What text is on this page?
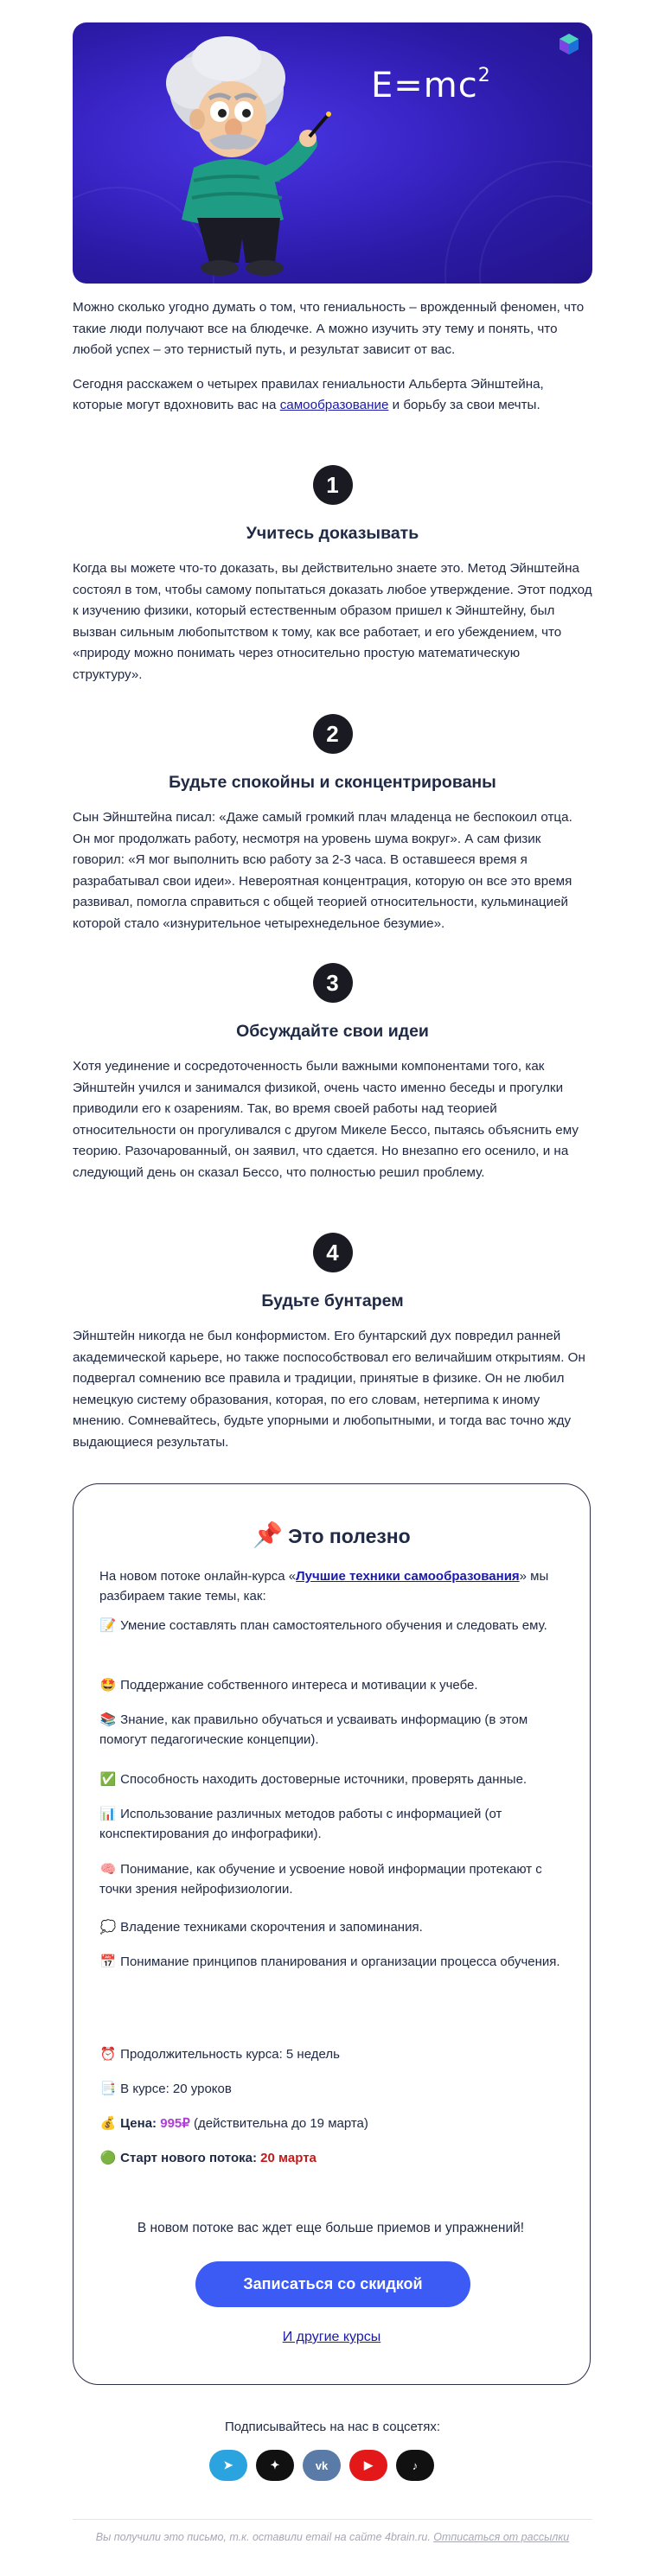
$E=mc^2$

Можно сколько угодно думать о том, что гениальность – врожденный феномен, что такие люди получают все на блюдечке. А можно изучить эту тему и понять, что любой успех – это тернистый путь, и результат зависит от вас.

Сегодня расскажем о четырех правилах гениальности Альберта Эйнштейна, которые могут вдохновить вас на самообразование и борьбу за свои мечты.

1
Учитесь доказывать

Когда вы можете что-то доказать, вы действительно знаете это. Метод Эйнштейна состоял в том, чтобы самому попытаться доказать любое утверждение. Этот подход к изучению физики, который естественным образом пришел к Эйнштейну, был вызван сильным любопытством к тому, как все работает, и его убеждением, что «природу можно понимать через относительно простую математическую структуру».

2
Будьте спокойны и сконцентрированы

Сын Эйнштейна писал: «Даже самый громкий плач младенца не беспокоил отца. Он мог продолжать работу, несмотря на уровень шума вокруг». А сам физик говорил: «Я мог выполнить всю работу за 2-3 часа. В оставшееся время я разрабатывал свои идеи». Невероятная концентрация, которую он все это время развивал, помогла справиться с общей теорией относительности, кульминацией которой стало «изнурительное четырехнедельное безумие».

3
Обсуждайте свои идеи

Хотя уединение и сосредоточенность были важными компонентами того, как Эйнштейн учился и занимался физикой, очень часто именно беседы и прогулки приводили его к озарениям. Так, во время своей работы над теорией относительности он прогуливался с другом Микеле Бессо, пытаясь объяснить ему теорию. Разочарованный, он заявил, что сдается. Но внезапно его осенило, и на следующий день он сказал Бессо, что полностью решил проблему.

4
Будьте бунтарем

Эйнштейн никогда не был конформистом. Его бунтарский дух повредил ранней академической карьере, но также поспособствовал его величайшим открытиям. Он подвергал сомнению все правила и традиции, принятые в физике. Он не любил немецкую систему образования, которая, по его словам, нетерпима к иному мнению. Сомневайтесь, будьте упорными и любопытными, и тогда вас точно жду выдающиеся результаты.

📌 Это полезно

На новом потоке онлайн-курса «Лучшие техники самообразования» мы разбираем такие темы, как:

📝 Умение составлять план самостоятельного обучения и следовать ему.

🤩 Поддержание собственного интереса и мотивации к учебе.

📚 Знание, как правильно обучаться и усваивать информацию (в этом помогут педагогические концепции).

✅ Способность находить достоверные источники, проверять данные.

📊 Использование различных методов работы с информацией (от конспектирования до инфографики).

🧠 Понимание, как обучение и усвоение новой информации протекают с точки зрения нейрофизиологии.

💭 Владение техниками скорочтения и запоминания.

📅 Понимание принципов планирования и организации процесса обучения.

⏰ Продолжительность курса: 5 недель

📑 В курсе: 20 уроков

💰 Цена: 995₽ (действительна до 19 марта)

🟢 Старт нового потока: 20 марта

В новом потоке вас ждет еще больше приемов и упражнений!

Записаться со скидкой
И другие курсы
Подписывайтесь на нас в соцсетях:
➤	✦	vk	▶	♪
Вы получили это письмо, т.к. оставили email на сайте 4brain.ru. Отписаться от рассылки
